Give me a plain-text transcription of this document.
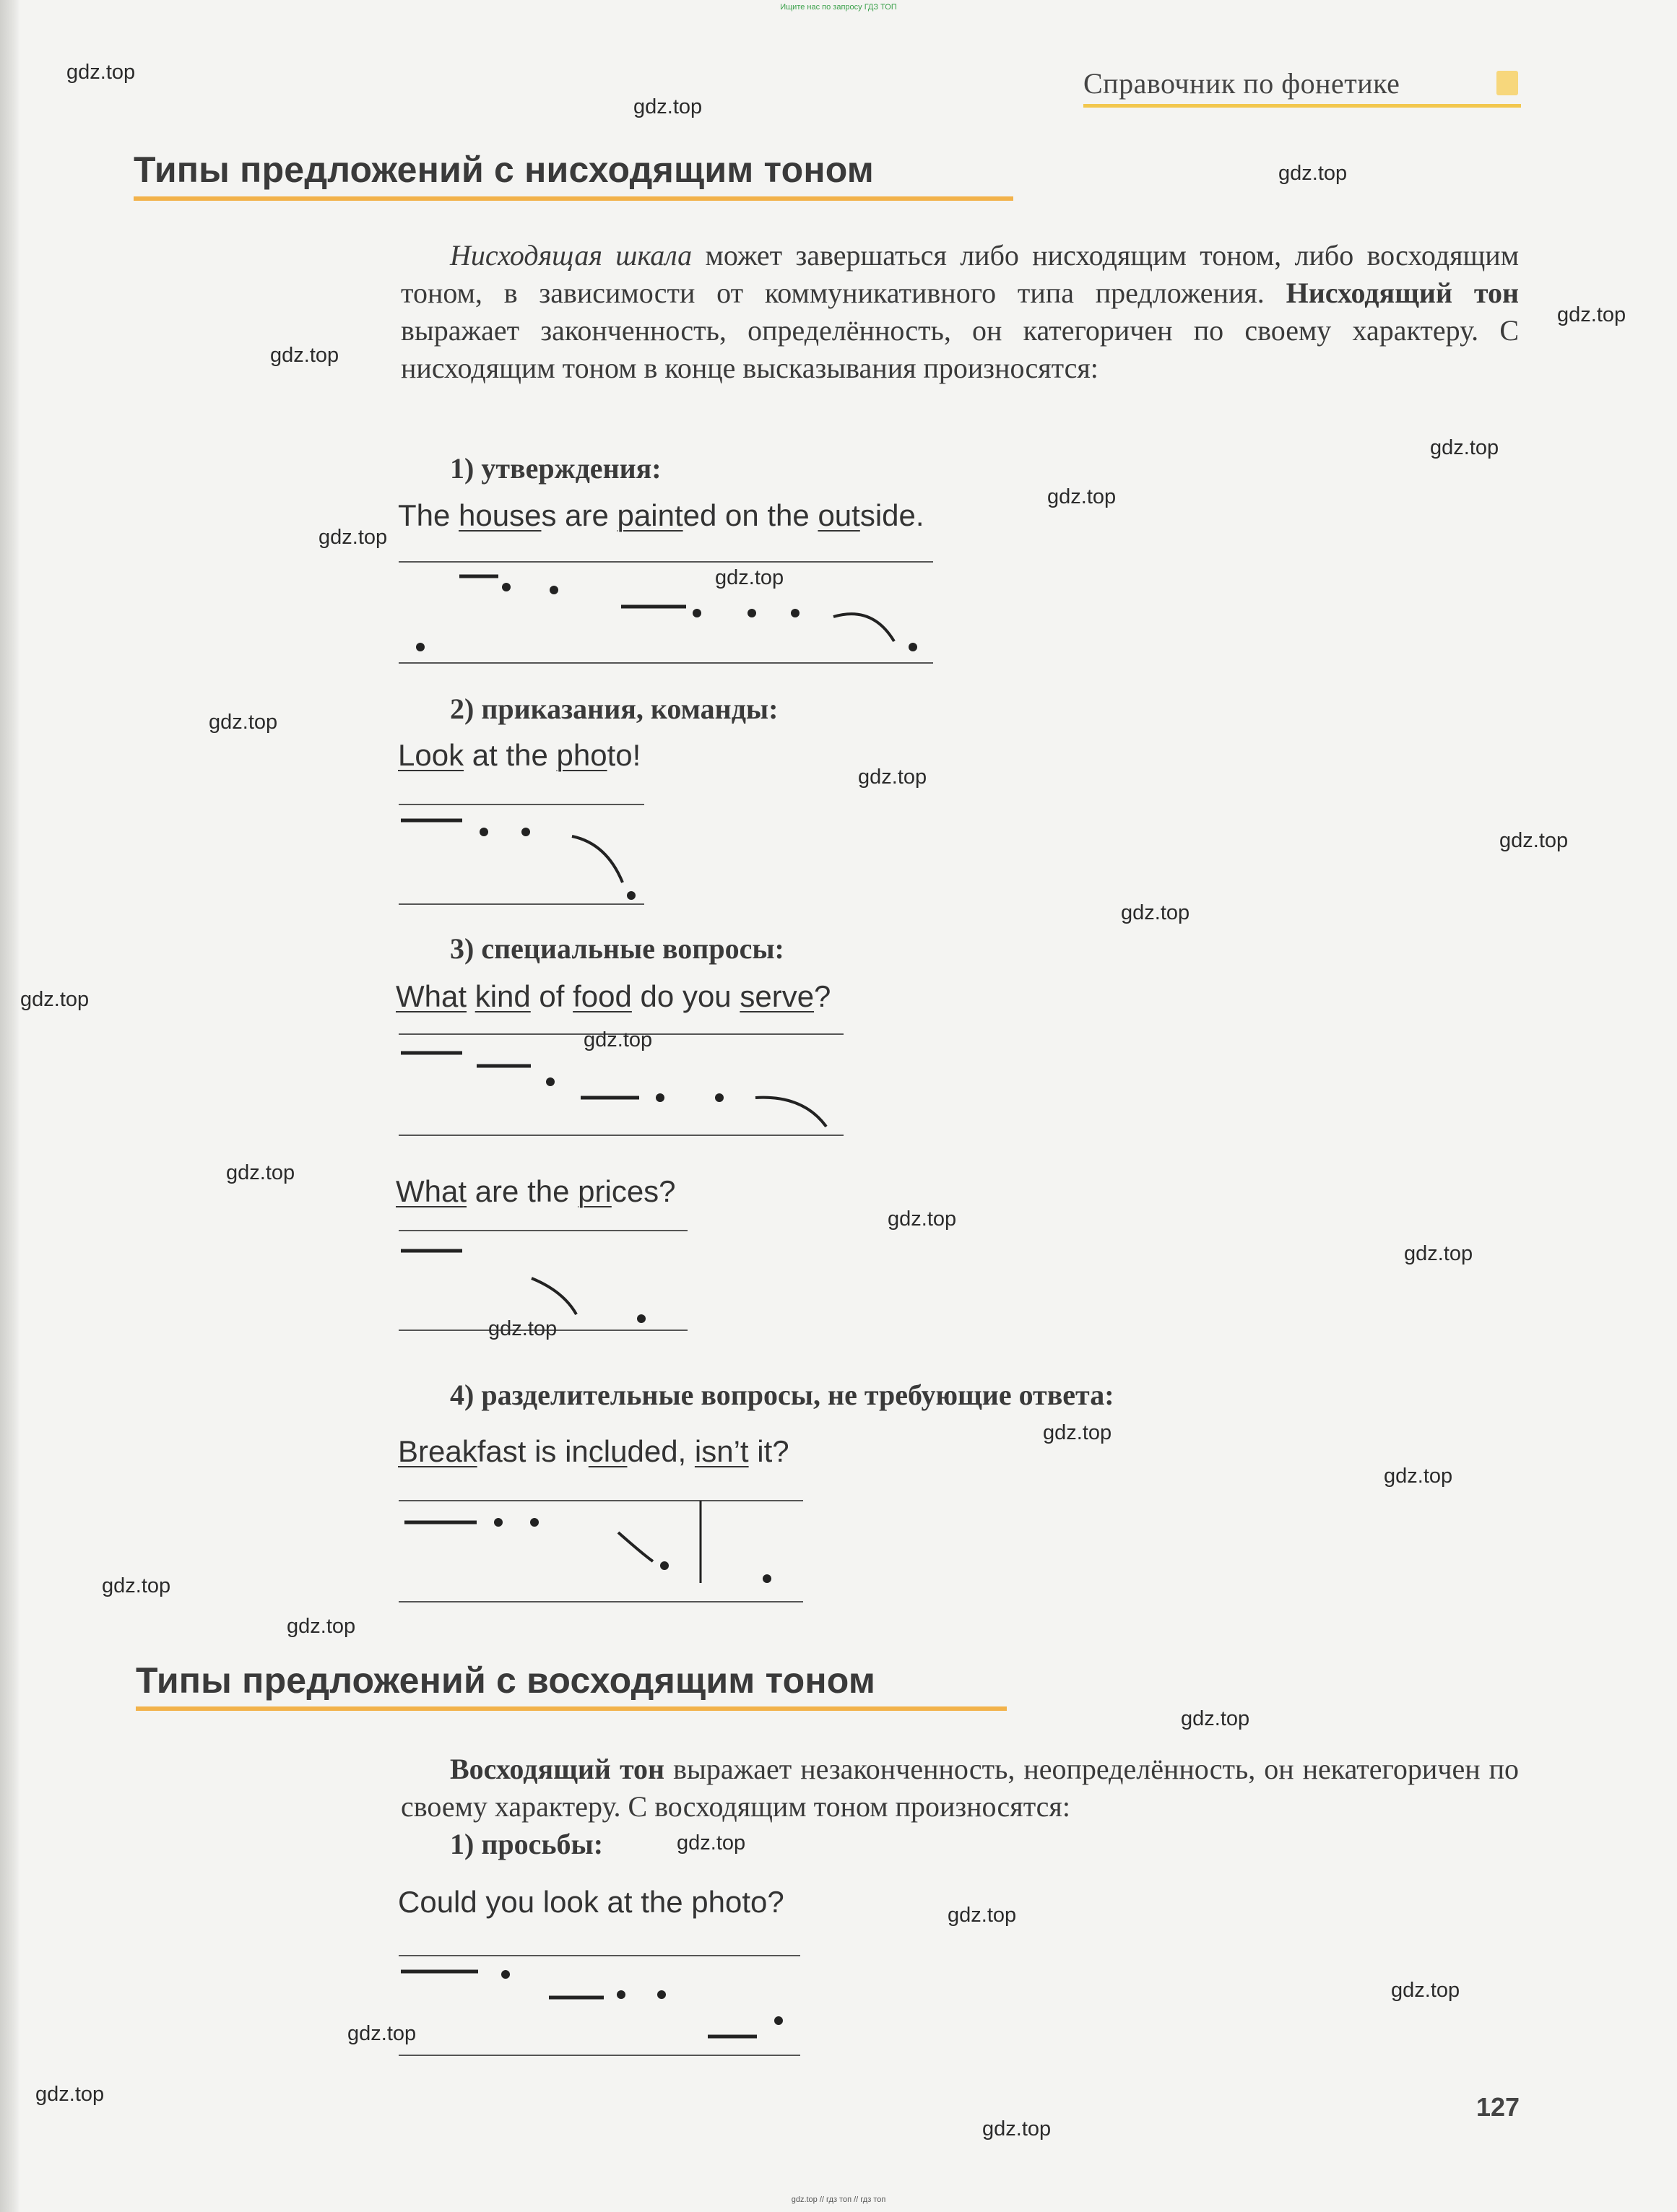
Ищите нас по запросу ГДЗ ТОП
Справочник по фонетике
Типы предложений с нисходящим тоном
Нисходящая шкала может завершаться либо нисходящим тоном, либо восходящим тоном, в зависимости от коммуникативного типа предложения. Нисходящий тон выражает законченность, определённость, он категоричен по своему характеру. С нисходящим тоном в конце высказывания произносятся:
1) утверждения:
The houses are painted on the outside.
2) приказания, команды:
Look at the photo!
3) специальные вопросы:
What kind of food do you serve?
What are the prices?
4) разделительные вопросы, не требующие ответа:
Breakfast is included, isn’t it?
Типы предложений с восходящим тоном
Восходящий тон выражает незаконченность, неопределённость, он некатегоричен по своему характеру. С восходящим тоном произносятся:
1) просьбы:
Could you look at the photo?
127
gdz.top
gdz.top
gdz.top
gdz.top
gdz.top
gdz.top
gdz.top
gdz.top
gdz.top
gdz.top
gdz.top
gdz.top
gdz.top
gdz.top
gdz.top
gdz.top
gdz.top
gdz.top
gdz.top
gdz.top
gdz.top
gdz.top
gdz.top
gdz.top
gdz.top
gdz.top
gdz.top
gdz.top
gdz.top
gdz.top
gdz.top // гдз топ // гдз топ
